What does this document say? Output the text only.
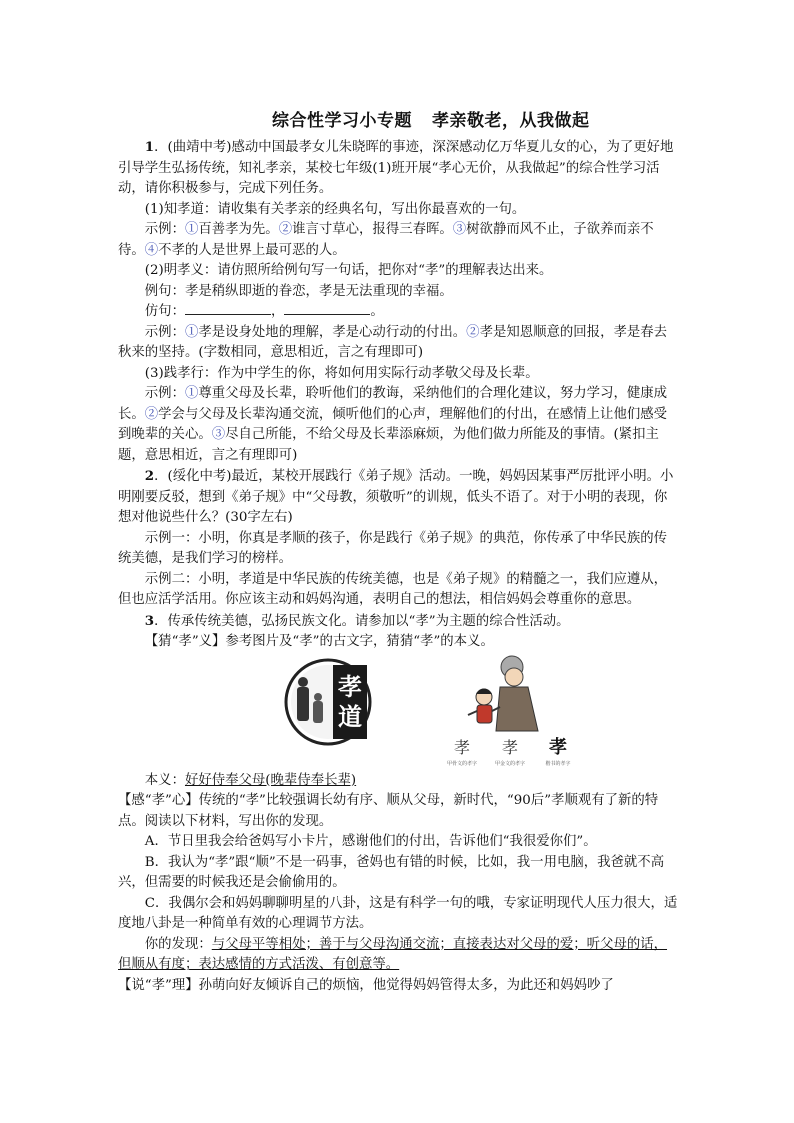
综合性学习小专题 孝亲敬老，从我做起

1．(曲靖中考)感动中国最孝女儿朱晓晖的事迹，深深感动亿万华夏儿女的心，为了更好地引导学生弘扬传统，知礼孝亲，某校七年级(1)班开展“孝心无价，从我做起”的综合性学习活动，请你积极参与，完成下列任务。

(1)知孝道：请收集有关孝亲的经典名句，写出你最喜欢的一句。

示例：①百善孝为先。②谁言寸草心，报得三春晖。③树欲静而风不止，子欲养而亲不待。④不孝的人是世界上最可恶的人。

(2)明孝义：请仿照所给例句写一句话，把你对“孝”的理解表达出来。

例句：孝是稍纵即逝的眷恋，孝是无法重现的幸福。

仿句：	，	。

示例：①孝是设身处地的理解，孝是心动行动的付出。②孝是知恩顺意的回报，孝是春去秋来的坚持。(字数相同，意思相近，言之有理即可)

(3)践孝行：作为中学生的你，将如何用实际行动孝敬父母及长辈。

示例：①尊重父母及长辈，聆听他们的教诲，采纳他们的合理化建议，努力学习，健康成长。②学会与父母及长辈沟通交流，倾听他们的心声，理解他们的付出，在感情上让他们感受到晚辈的关心。③尽自己所能，不给父母及长辈添麻烦，为他们做力所能及的事情。(紧扣主题，意思相近，言之有理即可)

2．(绥化中考)最近，某校开展践行《弟子规》活动。一晚，妈妈因某事严厉批评小明。小明刚要反驳，想到《弟子规》中“父母教，须敬听”的训规，低头不语了。对于小明的表现，你想对他说些什么？(30字左右)

示例一：小明，你真是孝顺的孩子，你是践行《弟子规》的典范，你传承了中华民族的传统美德，是我们学习的榜样。

示例二：小明，孝道是中华民族的传统美德，也是《弟子规》的精髓之一，我们应遵从，但也应活学活用。你应该主动和妈妈沟通，表明自己的想法，相信妈妈会尊重你的意思。

3．传承传统美德，弘扬民族文化。请参加以“孝”为主题的综合性活动。

【猜“孝”义】参考图片及“孝”的古文字，猜猜“孝”的本义。

孝
道
孝 孝 孝
甲骨文的孝字	甲金文的孝字	楷书的孝字

本义：好好侍奉父母(晚辈侍奉长辈)

【感“孝”心】传统的“孝”比较强调长幼有序、顺从父母，新时代，“90后”孝顺观有了新的特点。阅读以下材料，写出你的发现。

A．节日里我会给爸妈写小卡片，感谢他们的付出，告诉他们“我很爱你们”。

B．我认为“孝”跟“顺”不是一码事，爸妈也有错的时候，比如，我一用电脑，我爸就不高兴，但需要的时候我还是会偷偷用的。

C．我偶尔会和妈妈聊聊明星的八卦，这是有科学一句的哦，专家证明现代人压力很大，适度地八卦是一种简单有效的心理调节方法。

你的发现：与父母平等相处；善于与父母沟通交流；直接表达对父母的爱；听父母的话，但顺从有度；表达感情的方式活泼、有创意等。

【说“孝”理】孙萌向好友倾诉自己的烦恼，他觉得妈妈管得太多，为此还和妈妈吵了
